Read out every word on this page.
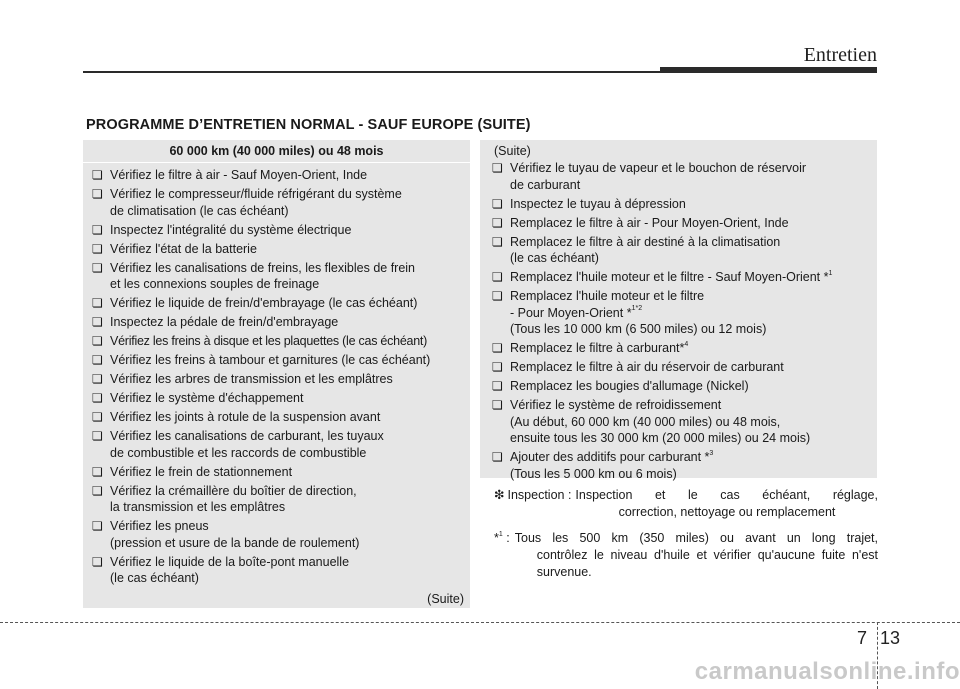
Entretien
PROGRAMME D’ENTRETIEN NORMAL - SAUF EUROPE (SUITE)
60 000 km (40 000 miles) ou 48 mois
❏ Vérifiez le filtre à air - Sauf Moyen-Orient, Inde
❏ Vérifiez le compresseur/fluide réfrigérant du système
de climatisation (le cas échéant)
❏ Inspectez l'intégralité du système électrique
❏ Vérifiez l'état de la batterie
❏ Vérifiez les canalisations de freins, les flexibles de frein
et les connexions souples de freinage
❏ Vérifiez le liquide de frein/d'embrayage (le cas échéant)
❏ Inspectez la pédale de frein/d'embrayage
❏ Vérifiez les freins à disque et les plaquettes (le cas échéant)
❏ Vérifiez les freins à tambour et garnitures (le cas échéant)
❏ Vérifiez les arbres de transmission et les emplâtres
❏ Vérifiez le système d'échappement
❏ Vérifiez les joints à rotule de la suspension avant
❏ Vérifiez les canalisations de carburant, les tuyaux
de combustible et les raccords de combustible
❏ Vérifiez le frein de stationnement
❏ Vérifiez la crémaillère du boîtier de direction,
la transmission et les emplâtres
❏ Vérifiez les pneus
(pression et usure de la bande de roulement)
❏ Vérifiez le liquide de la boîte-pont manuelle
(le cas échéant)
(Suite)
(Suite)
❏ Vérifiez le tuyau de vapeur et le bouchon de réservoir
de carburant
❏ Inspectez le tuyau à dépression
❏ Remplacez le filtre à air - Pour Moyen-Orient, Inde
❏ Remplacez le filtre à air destiné à la climatisation
(le cas échéant)
❏ Remplacez l'huile moteur et le filtre - Sauf Moyen-Orient *$^1$
❏ Remplacez l'huile moteur et le filtre
- Pour Moyen-Orient *$^{1*2}$
(Tous les 10 000 km (6 500 miles) ou 12 mois)
❏ Remplacez le filtre à carburant*$^4$
❏ Remplacez le filtre à air du réservoir de carburant
❏ Remplacez les bougies d'allumage (Nickel)
❏ Vérifiez le système de refroidissement
(Au début, 60 000 km (40 000 miles) ou 48 mois,
ensuite tous les 30 000 km (20 000 miles) ou 24 mois)
❏ Ajouter des additifs pour carburant *$^3$
(Tous les 5 000 km ou 6 mois)
❇ Inspection : Inspection et le cas échéant, réglage,
correction, nettoyage ou remplacement
*$^1$ : Tous les 500 km (350 miles) ou avant un long trajet,
contrôlez le niveau d'huile et vérifier qu'aucune fuite n'est
survenue.
7 13
carmanualsonline.info
